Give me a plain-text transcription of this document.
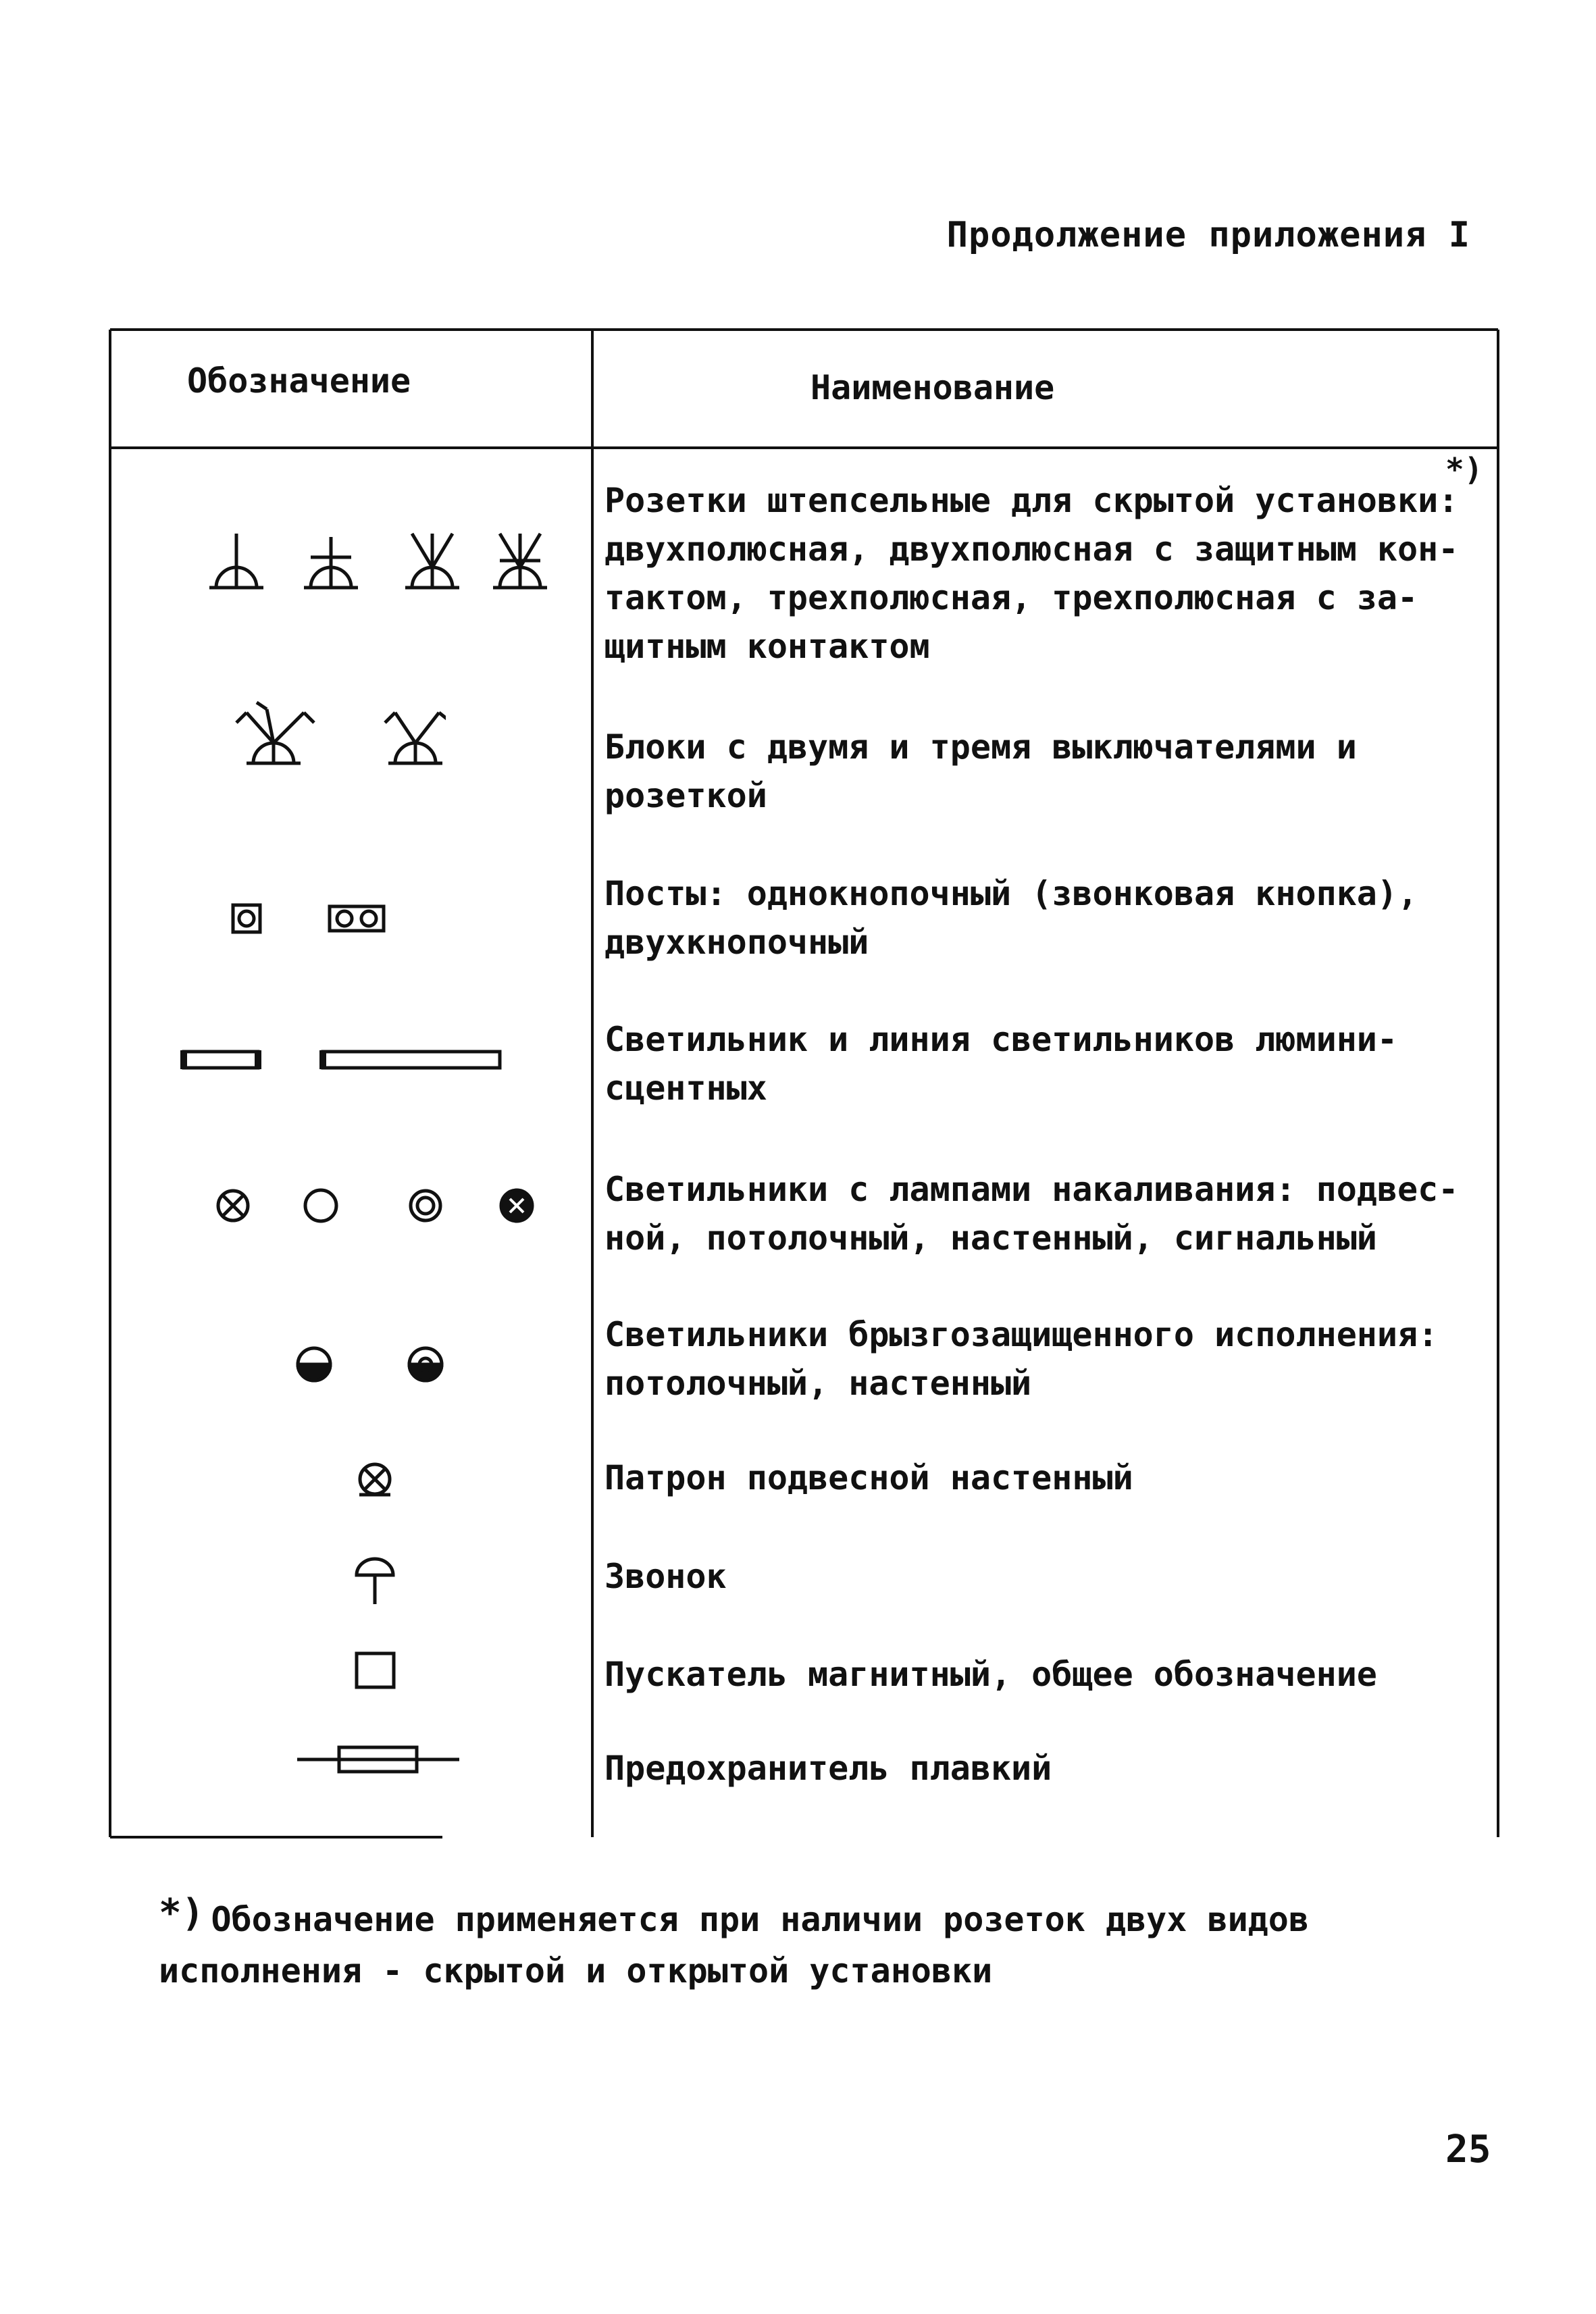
Продолжение приложения I
Обозначение	Наименование
*)
Розетки штепсельные для скрытой установки:
двухполюсная, двухполюсная с защитным кон-
тактом, трехполюсная, трехполюсная с за-
щитным контактом
Блоки с двумя и тремя выключателями и
розеткой
Посты: однокнопочный (звонковая кнопка),
двухкнопочный
Светильник и линия светильников люмини-
сцентных
Светильники с лампами накаливания: подвес-
ной, потолочный, настенный, сигнальный
Светильники брызгозащищенного исполнения:
потолочный, настенный
Патрон подвесной настенный
Звонок
Пускатель магнитный, общее обозначение
Предохранитель плавкий
*) Обозначение применяется при наличии розеток двух видов исполнения - скрытой и открытой установки
25
